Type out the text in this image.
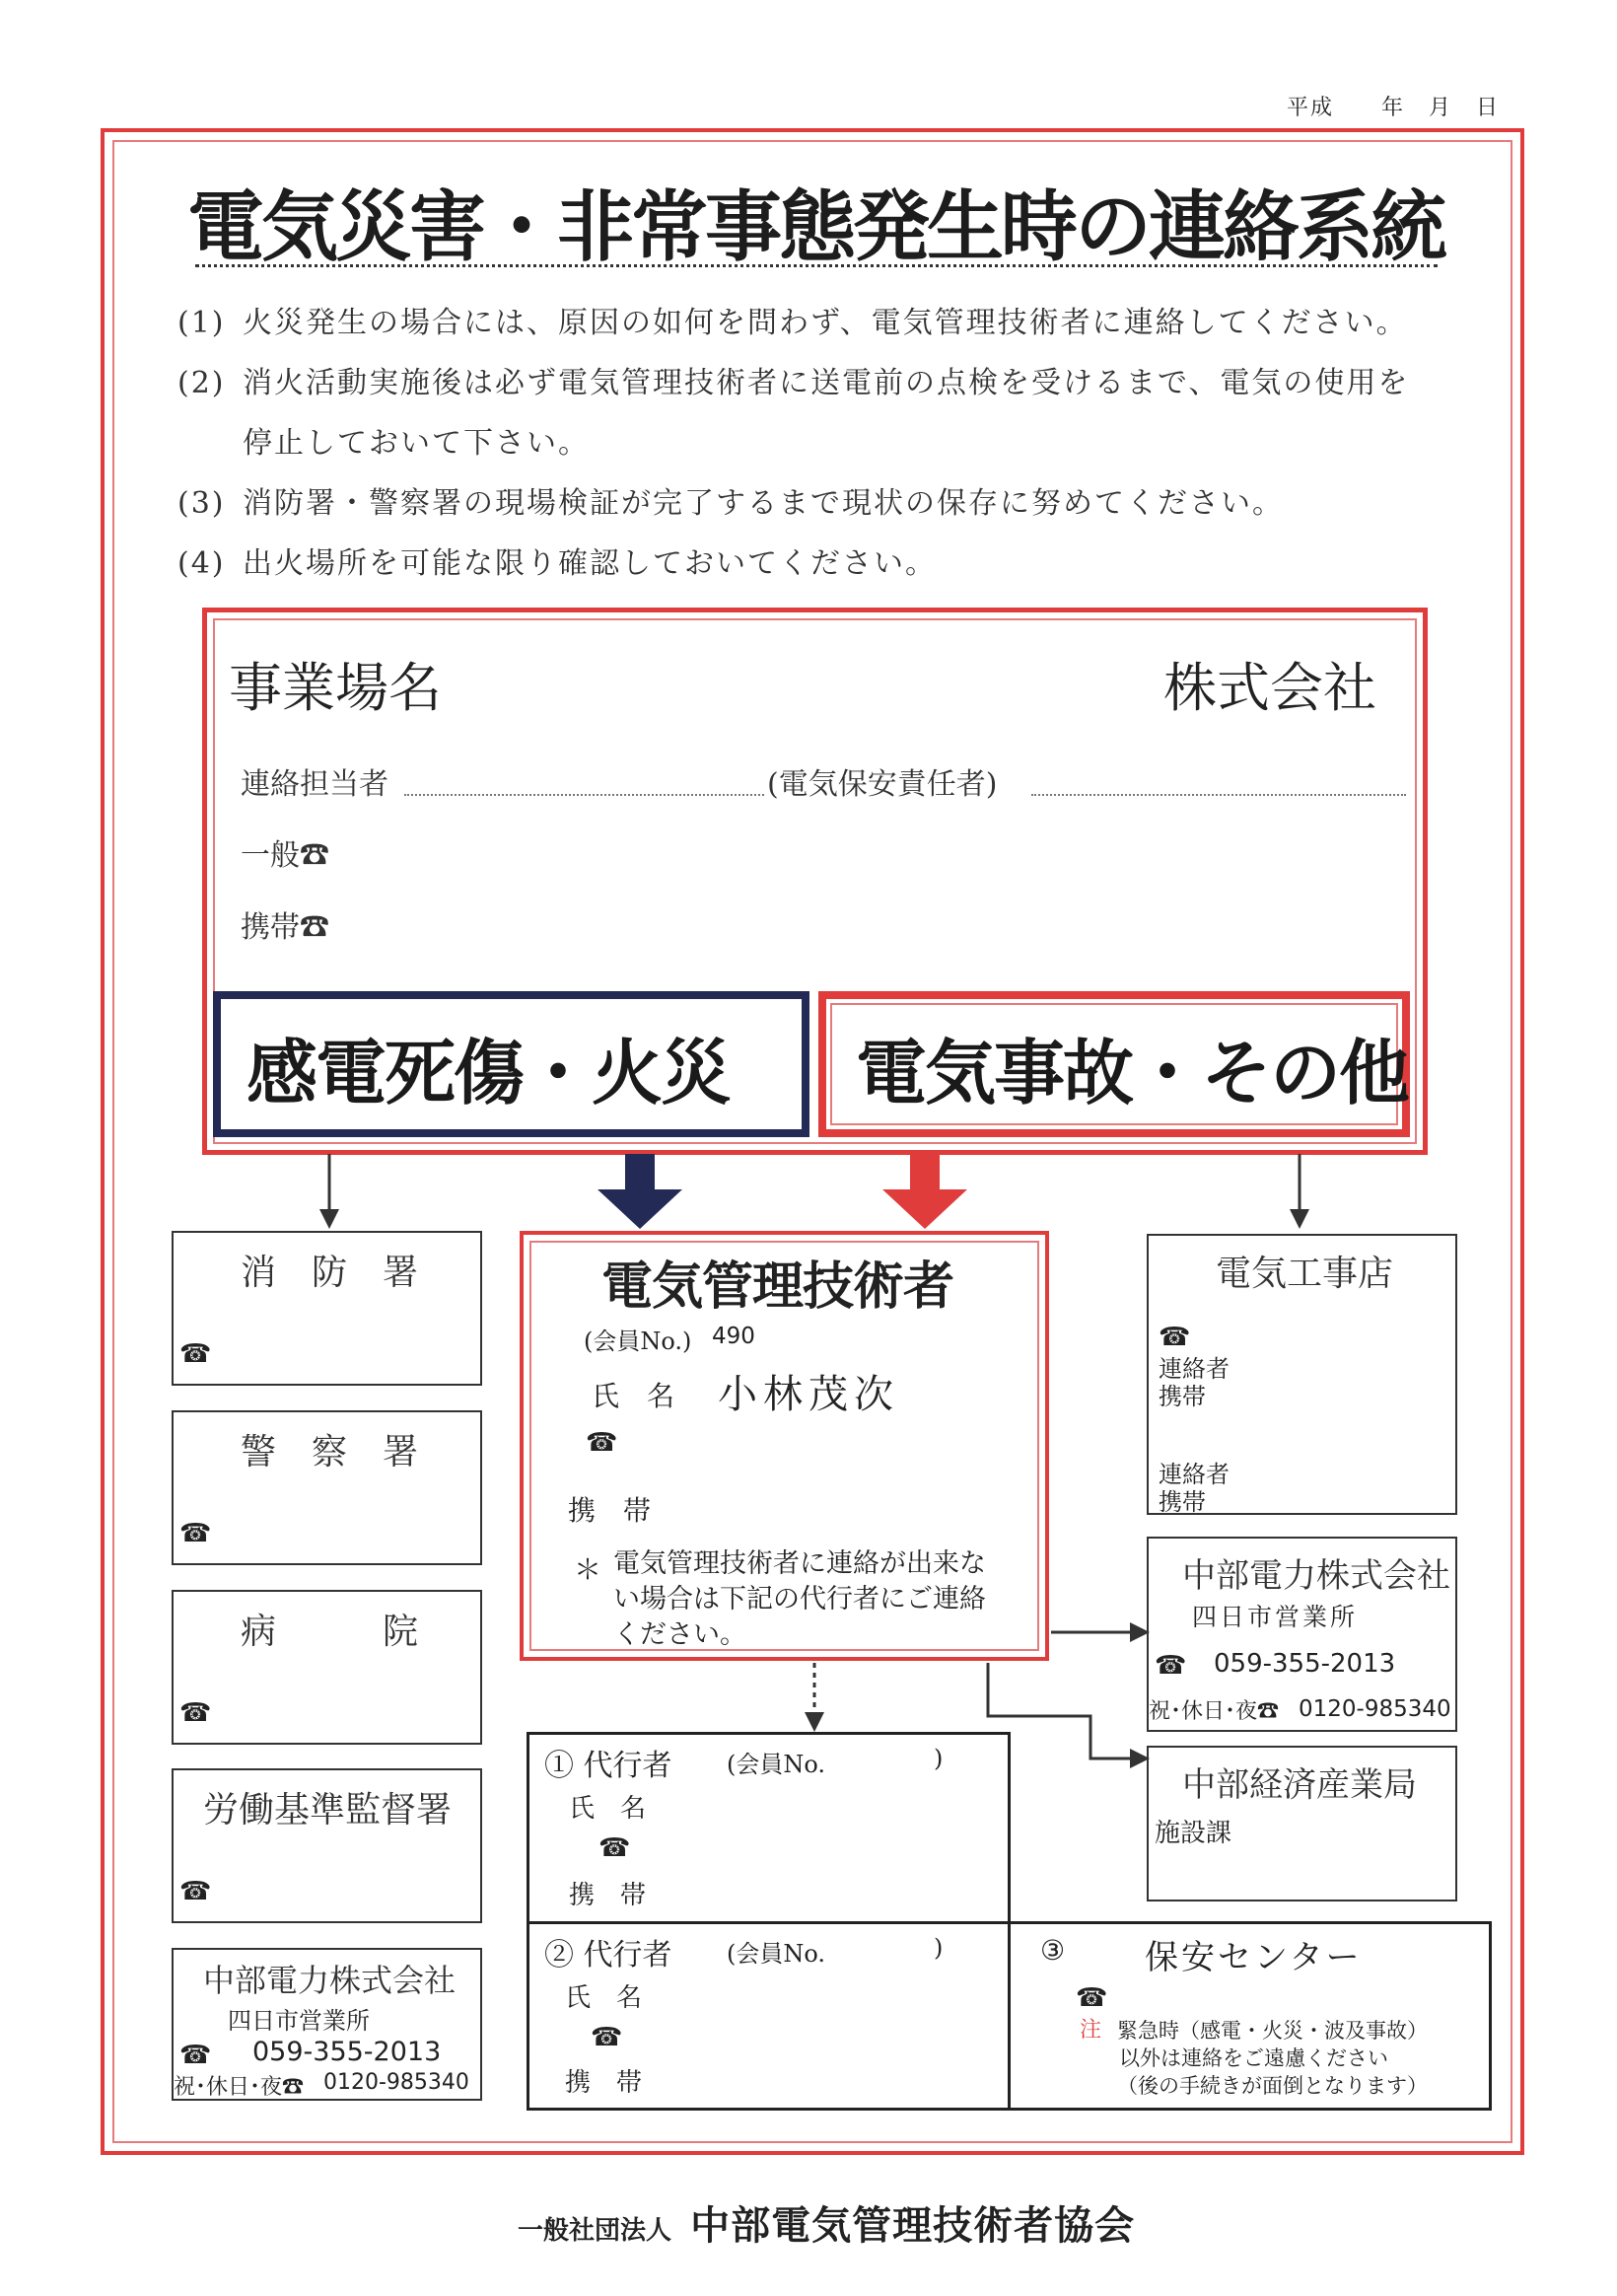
平成　　年　月　日
電気災害・非常事態発生時の連絡系統
(1) 火災発生の場合には、原因の如何を問わず、電気管理技術者に連絡してください。
(2) 消火活動実施後は必ず電気管理技術者に送電前の点検を受けるまで、電気の使用を
停止しておいて下さい。
(3) 消防署・警察署の現場検証が完了するまで現状の保存に努めてください。
(4) 出火場所を可能な限り確認しておいてください。
事業場名	株式会社
連絡担当者	(電気保安責任者)
一般☎
携帯☎
感電死傷・火災 電気事故・その他
消　防　署
☎
警　察　署
☎
病　　　院
☎
労働基準監督署
☎
中部電力株式会社
四日市営業所
☎ 059-355-2013
祝･休日･夜☎ 0120-985340
電気管理技術者
(会員No.) 490
氏　名 小林茂次
☎
携　帯
＊ 電気管理技術者に連絡が出来ない場合は下記の代行者にご連絡ください。
電気工事店
☎
連絡者
携帯
連絡者
携帯
中部電力株式会社
四日市営業所
☎ 059-355-2013
祝･休日･夜☎ 0120-985340
中部経済産業局
施設課
① 代行者 (会員No.	)
氏　名
☎
携　帯
② 代行者 (会員No.	)
氏　名
☎
携　帯
③ 保安センター
☎
注 緊急時（感電・火災・波及事故）
以外は連絡をご遠慮ください
（後の手続きが面倒となります）
一般社団法人 中部電気管理技術者協会
